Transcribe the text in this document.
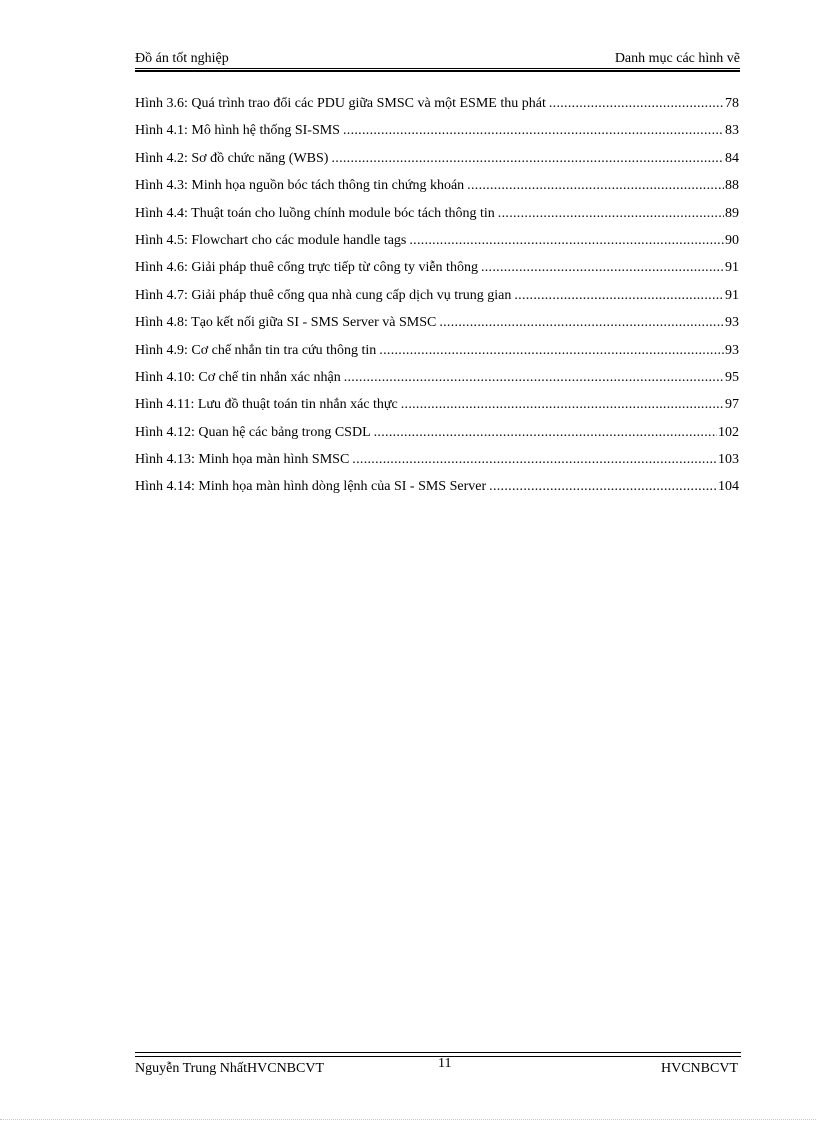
Đồ án tốt nghiệp	Danh mục các hình vẽ
Hình 3.6: Quá trình trao đổi các PDU giữa SMSC và một ESME thu phát .....	78
Hình 4.1: Mô hình hệ thống SI-SMS .....	83
Hình 4.2: Sơ đồ chức năng (WBS) .....	84
Hình 4.3: Minh họa nguồn bóc tách thông tin chứng khoán .....	88
Hình 4.4: Thuật toán cho luồng chính module bóc tách thông tin .....	89
Hình 4.5: Flowchart cho các module handle tags .....	90
Hình 4.6: Giải pháp thuê cổng trực tiếp từ công ty viễn thông .....	91
Hình 4.7: Giải pháp thuê cổng qua nhà cung cấp dịch vụ trung gian .....	91
Hình 4.8: Tạo kết nối giữa SI - SMS Server và SMSC .....	93
Hình 4.9: Cơ chế nhắn tin tra cứu thông tin .....	93
Hình 4.10: Cơ chế tin nhắn xác nhận .....	95
Hình 4.11: Lưu đồ thuật toán tin nhắn xác thực .....	97
Hình 4.12: Quan hệ các bảng trong CSDL .....	102
Hình 4.13: Minh họa màn hình SMSC .....	103
Hình 4.14: Minh họa màn hình dòng lệnh của SI - SMS Server .....	104
Nguyễn Trung NhấtHVCNBCVT	11	HVCNBCVT
